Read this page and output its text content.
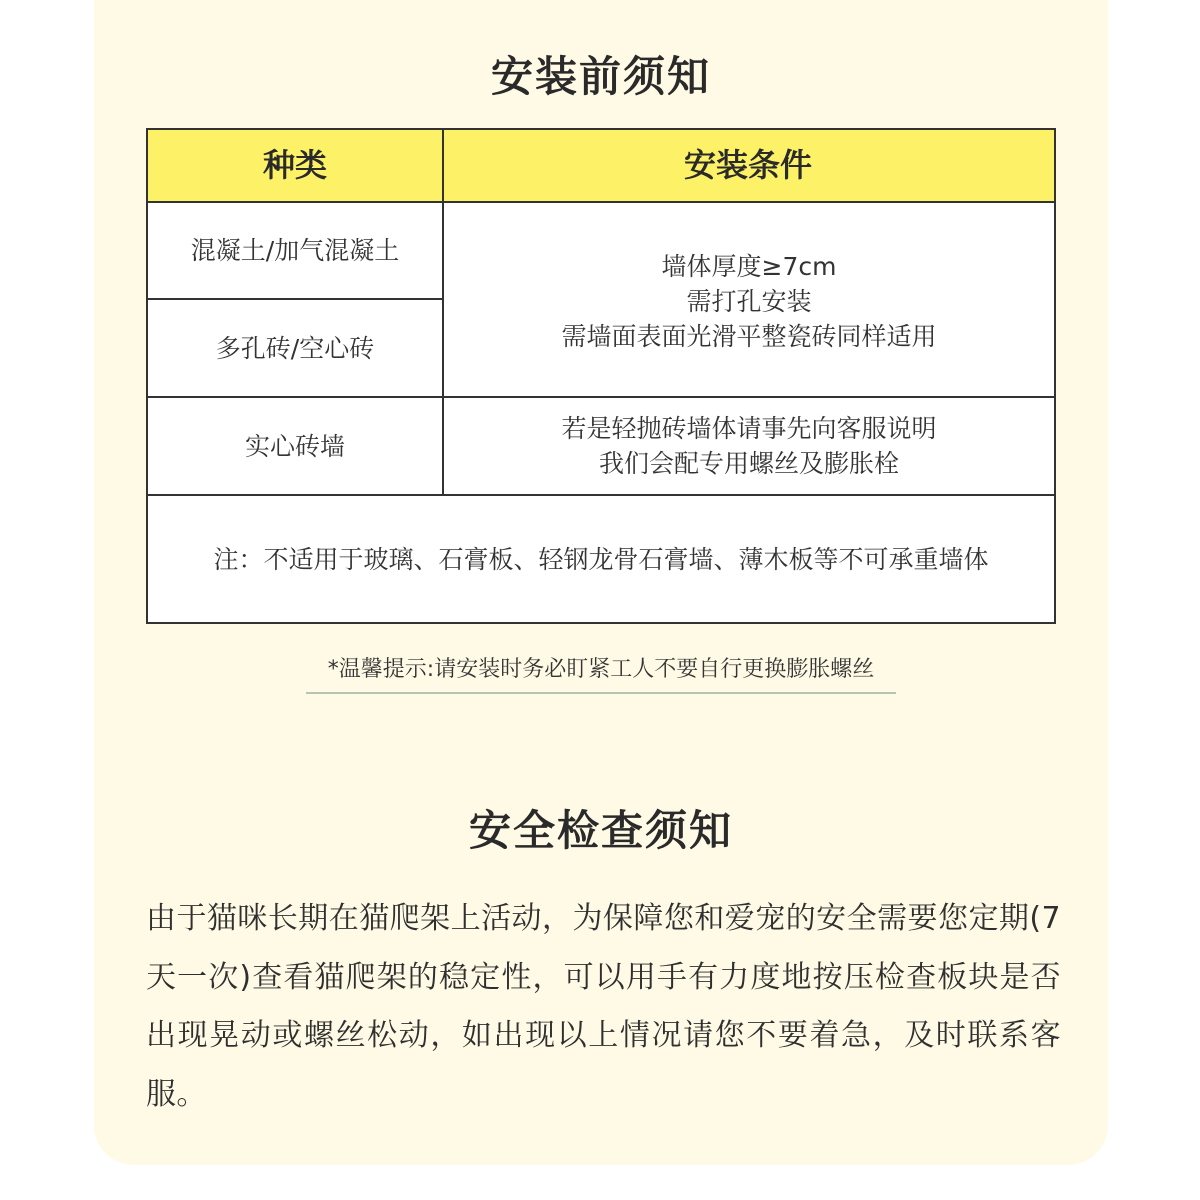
安装前须知
种类	安装条件
混凝土/加气混凝土
多孔砖/空心砖
实心砖墙
墙体厚度≥7cm
需打孔安装
需墙面表面光滑平整瓷砖同样适用
若是轻抛砖墙体请事先向客服说明
我们会配专用螺丝及膨胀栓
注：不适用于玻璃、石膏板、轻钢龙骨石膏墙、薄木板等不可承重墙体
*温馨提示:请安装时务必盯紧工人不要自行更换膨胀螺丝
安全检查须知
由于猫咪长期在猫爬架上活动，为保障您和爱宠的安全需要您定期(7天一次)查看猫爬架的稳定性，可以用手有力度地按压检查板块是否出现晃动或螺丝松动，如出现以上情况请您不要着急，及时联系客服。
